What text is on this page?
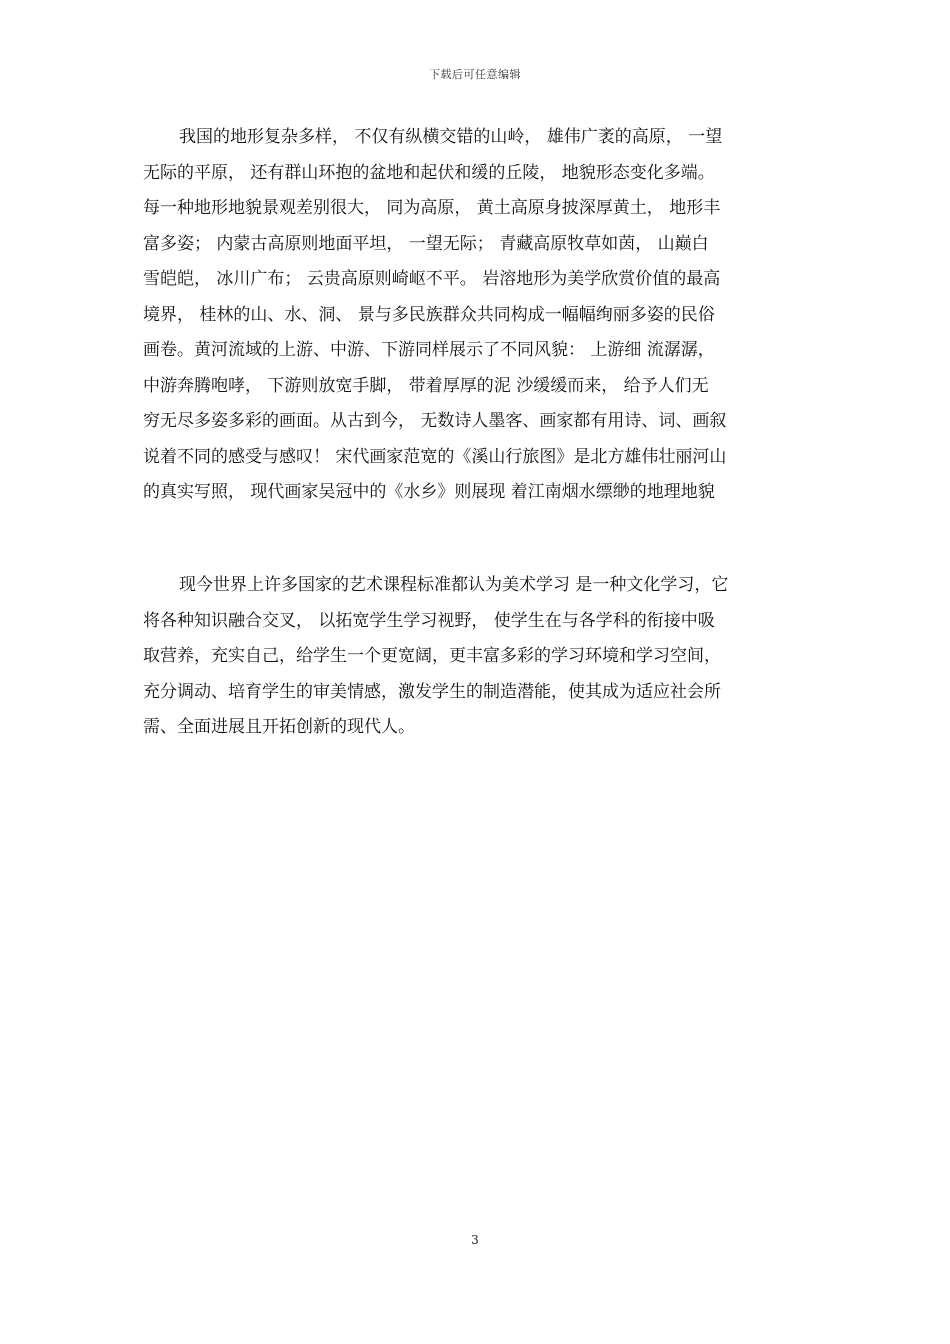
下载后可任意编辑
我国的地形复杂多样， 不仅有纵横交错的山岭， 雄伟广袤的高原， 一望
无际的平原， 还有群山环抱的盆地和起伏和缓的丘陵， 地貌形态变化多端。
每一种地形地貌景观差别很大， 同为高原， 黄土高原身披深厚黄土， 地形丰
富多姿； 内蒙古高原则地面平坦， 一望无际； 青藏高原牧草如茵， 山巅白
雪皑皑， 冰川广布； 云贵高原则崎岖不平。 岩溶地形为美学欣赏价值的最高
境界， 桂林的山、水、洞、 景与多民族群众共同构成一幅幅绚丽多姿的民俗
画卷。黄河流域的上游、中游、下游同样展示了不同风貌： 上游细 流潺潺，
中游奔腾咆哮， 下游则放宽手脚， 带着厚厚的泥 沙缓缓而来， 给予人们无
穷无尽多姿多彩的画面。从古到今， 无数诗人墨客、画家都有用诗、词、画叙
说着不同的感受与感叹！ 宋代画家范宽的《溪山行旅图》是北方雄伟壮丽河山
的真实写照， 现代画家吴冠中的《水乡》则展现 着江南烟水缥缈的地理地貌
现今世界上许多国家的艺术课程标准都认为美术学习 是一种文化学习，它
将各种知识融合交叉， 以拓宽学生学习视野， 使学生在与各学科的衔接中吸
取营养，充实自己，给学生一个更宽阔，更丰富多彩的学习环境和学习空间，
充分调动、培育学生的审美情感，激发学生的制造潜能，使其成为适应社会所
需、全面进展且开拓创新的现代人。
3
